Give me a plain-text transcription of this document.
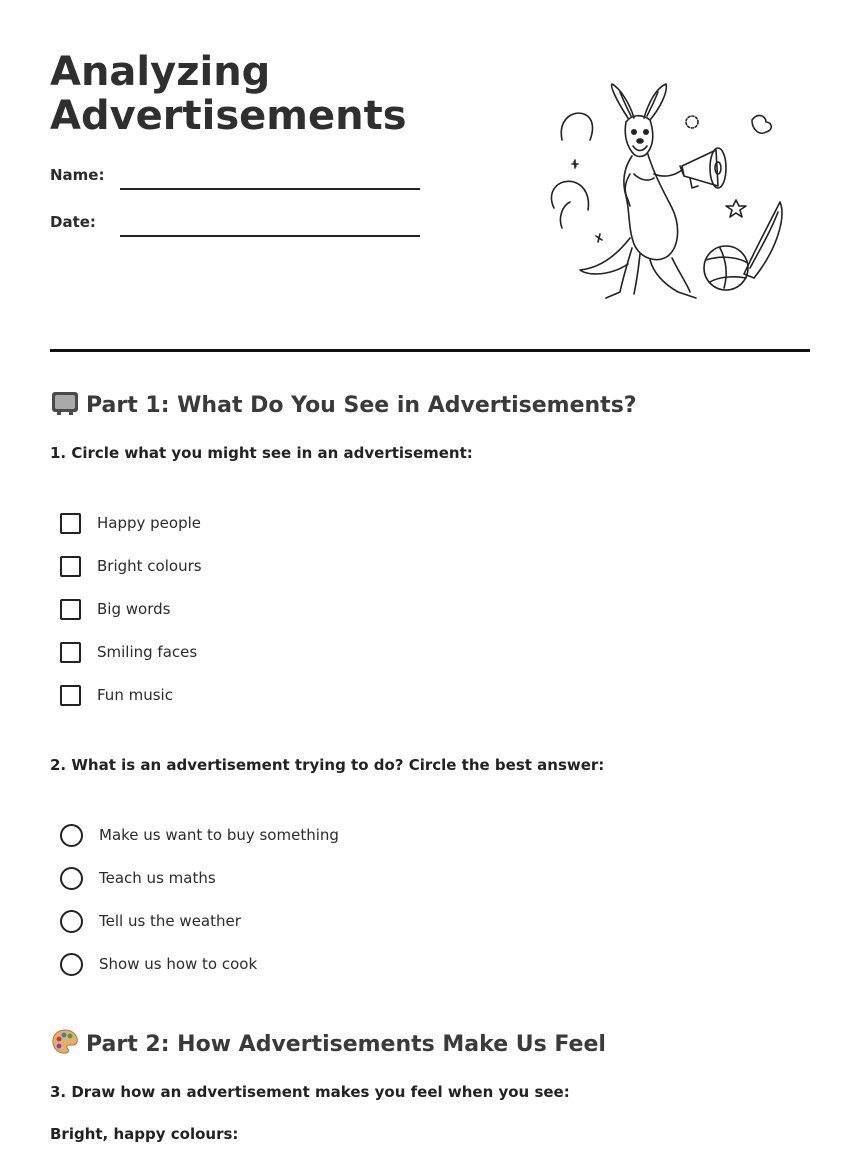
Analyzing Advertisements
Name:
Date:
Part 1: What Do You See in Advertisements?

1. Circle what you might see in an advertisement:

Happy people
Bright colours
Big words
Smiling faces
Fun music

2. What is an advertisement trying to do? Circle the best answer:

Make us want to buy something
Teach us maths
Tell us the weather
Show us how to cook
Part 2: How Advertisements Make Us Feel

3. Draw how an advertisement makes you feel when you see:

Bright, happy colours:
